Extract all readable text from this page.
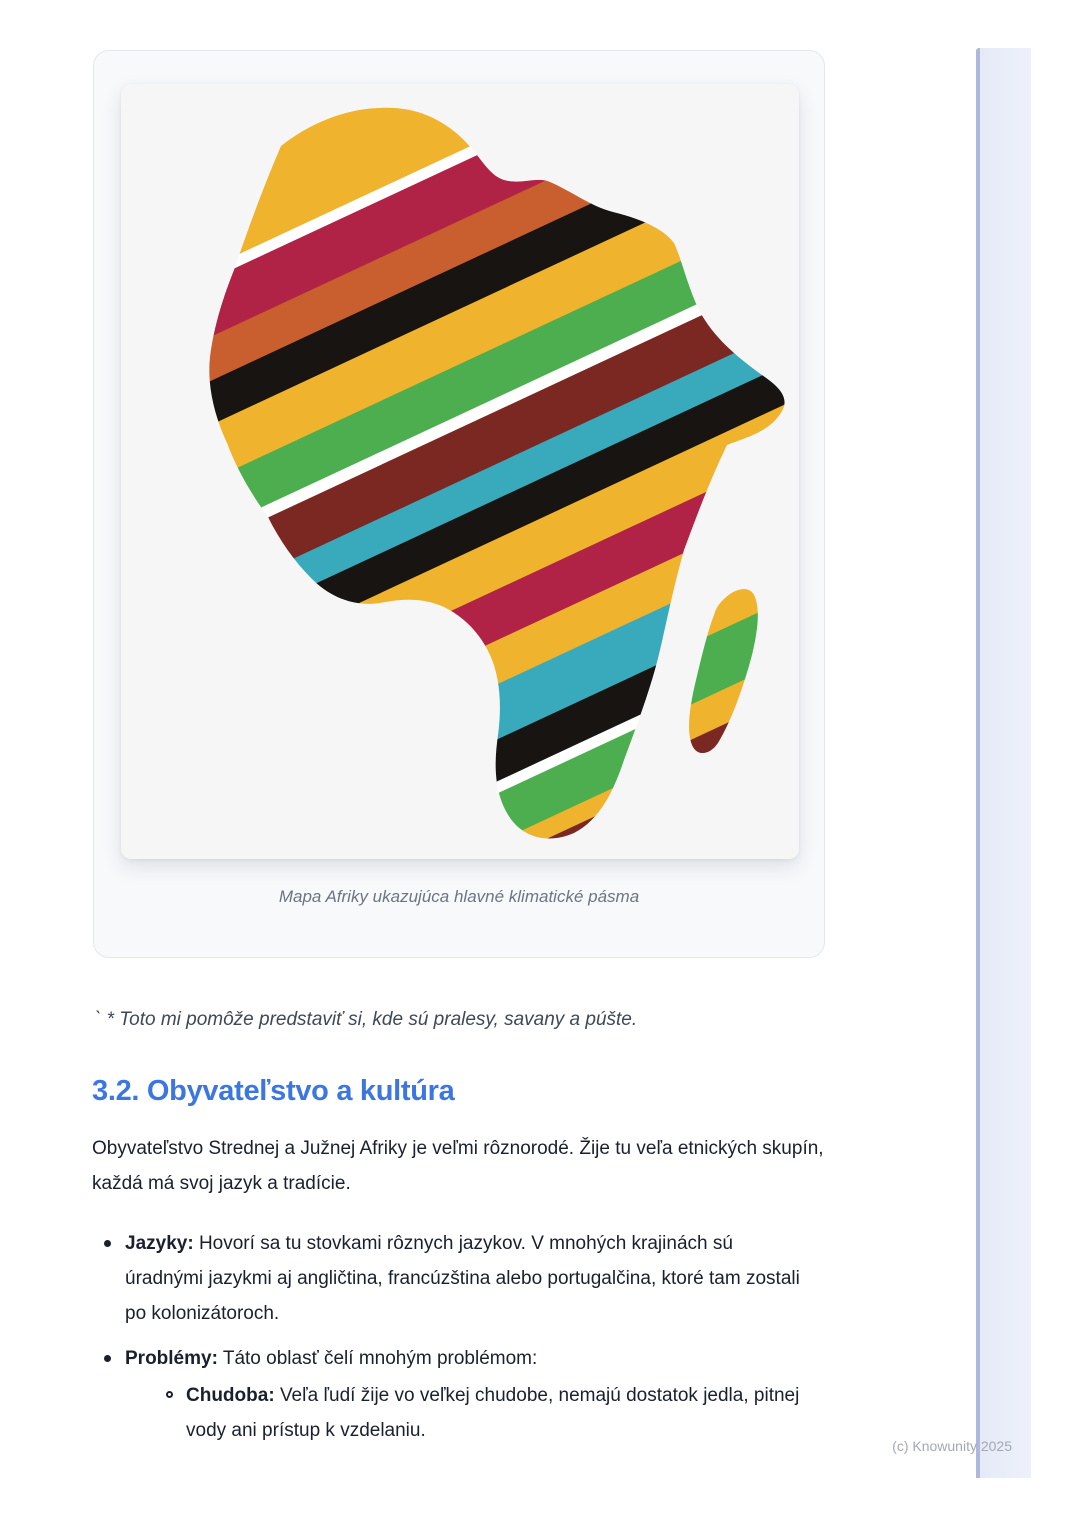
Mapa Afriky ukazujúca hlavné klimatické pásma

` * Toto mi pomôže predstaviť si, kde sú pralesy, savany a púšte.

3.2. Obyvateľstvo a kultúra

Obyvateľstvo Strednej a Južnej Afriky je veľmi rôznorodé. Žije tu veľa etnických skupín, každá má svoj jazyk a tradície.

Jazyky: Hovorí sa tu stovkami rôznych jazykov. V mnohých krajinách sú úradnými jazykmi aj angličtina, francúzština alebo portugalčina, ktoré tam zostali po kolonizátoroch.
Problémy: Táto oblasť čelí mnohým problémom:
Chudoba: Veľa ľudí žije vo veľkej chudobe, nemajú dostatok jedla, pitnej vody ani prístup k vzdelaniu.
(c) Knowunity 2025
